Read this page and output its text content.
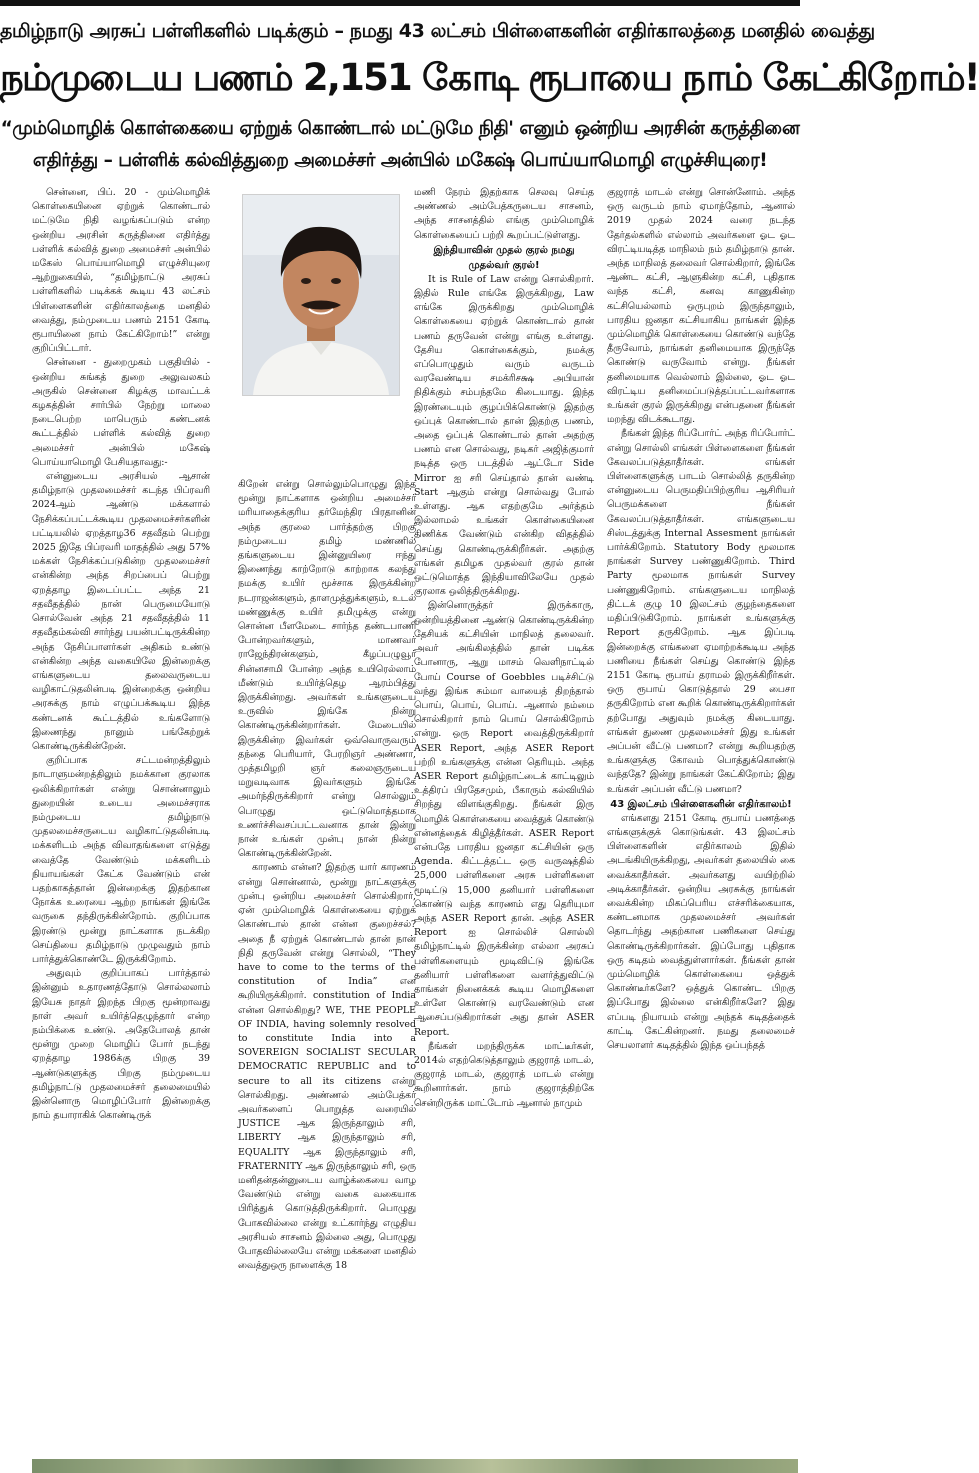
தமிழ்நாடு அரசுப் பள்ளிகளில் படிக்கும் – நமது 43 லட்சம் பிள்ளைகளின் எதிர்காலத்தை மனதில் வைத்து
நம்முடைய பணம் 2,151 கோடி ரூபாயை நாம் கேட்கிறோம்!
“மும்மொழிக் கொள்கையை ஏற்றுக் கொண்டால் மட்டுமே நிதி' எனும் ஒன்றிய அரசின் கருத்தினை
எதிர்த்து – பள்ளிக் கல்வித்துறை அமைச்சர் அன்பில் மகேஷ் பொய்யாமொழி எழுச்சியுரை!

சென்னை, பிப். 20 - மும்மொழிக் கொள்கையினை ஏற்றுக் கொண்டால் மட்டுமே நிதி வழங்கப்படும் என்ற ஒன்றிய அரசின் கருத்தினை எதிர்த்து பள்ளிக் கல்வித் துறை அமைச்சர் அன்பில் மகேஸ் பொய்யாமொழி எழுச்சியுரை ஆற்றுகையில், “தமிழ்நாட்டு அரசுப் பள்ளிகளில் படிக்கக் கூடிய 43 லட்சம் பிள்ளைகளின் எதிர்காலத்தை மனதில் வைத்து, நம்முடைய பணம் 2151 கோடி ரூபாயினை நாம் கேட்கிறோம்!” என்று குறிப்பிட்டார்.

சென்னை - துறைமுகம் பகுதியில் - ஒன்றிய சுங்கத் துறை அலுவலகம் அருகில் சென்னை கிழக்கு மாவட்டக் கழகத்தின் சார்பில் நேற்று மாலை நடைபெற்ற மாபெரும் கண்டனக் கூட்டத்தில் பள்ளிக் கல்வித் துறை அமைச்சர் அன்பில் மகேஷ் பொய்யாமொழி பேசியதாவது:-

என்னுடைய அரசியல் ஆசான் தமிழ்நாடு முதலமைச்சர் கடந்த பிப்ரவரி 2024ஆம் ஆண்டு மக்களால் நேசிக்கப்பட்டக்கூடிய முதலமைச்சர்களின் பட்டியலில் ஏறத்தாழ36 சதவீதம் பெற்று 2025 இதே பிப்ரவரி மாதத்தில் அது 57% மக்கள் நேசிக்கப்படுகின்ற முதலமைச்சர் என்கின்ற அந்த சிறப்பைப் பெற்று ஏறத்தாழ இடைப்பட்ட அந்த 21 சதவீதத்தில் நான் பெருமையோடு சொல்வேன் அந்த 21 சதவீதத்தில் 11 சதவீதம்கல்வி சார்ந்து பயன்பட்டிருக்கின்ற அந்த நேசிப்பாளர்கள் அதிகம் உண்டு என்கின்ற அந்த வகையிலே இன்றைக்கு எங்களுடைய தலைவருடைய வழிகாட்டுதலின்படி இன்றைக்கு ஒன்றிய அரசுக்கு நாம் எழுப்பக்கூடிய இந்த கண்டனக் கூட்டத்தில் உங்களோடு இணைந்து நானும் பங்கேற்றுக் கொண்டிருக்கின்றேன்.

குறிப்பாக சட்டமன்றத்திலும் நாடாளுமன்றத்திலும் நமக்கான குரலாக ஒலிக்கிறார்கள் என்று சொன்னாலும் துறையின் உடைய அமைச்சராக நம்முடைய தமிழ்நாடு முதலமைச்சருடைய வழிகாட்டுதலின்படி மக்களிடம் அந்த விவாதங்களை எடுத்து வைத்தே வேண்டும் மக்களிடம் நியாயங்கள் கேட்க வேண்டும் என் பதற்காகத்தான் இன்றைக்கு இதற்கான நோக்க உரையை ஆற்ற நாங்கள் இங்கே வருகை தந்திருக்கின்றோம். குறிப்பாக இரண்டு மூன்று நாட்களாக நடக்கிற செய்தியை தமிழ்நாடு முழுவதும் நாம் பார்த்துக்கொண்டே இருக்கிறோம்.

அதுவும் குறிப்பாகப் பார்த்தால் இன்னும் உதாரணத்தோடு சொல்லலாம் இயேசு நாதர் இறந்த பிறகு மூன்றாவது நாள் அவர் உயிர்த்தெழுந்தார் என்ற நம்பிக்கை உண்டு. அதேபோலத் தான் மூன்று முறை மொழிப் போர் நடந்து ஏறத்தாழ 1986க்கு பிறகு 39 ஆண்டுகளுக்கு பிறகு நம்முடைய தமிழ்நாட்டு முதலமைச்சர் தலைமையில் இன்னொரு மொழிப்போர் இன்றைக்கு நாம் தயாராகிக் கொண்டிருக்

கிறேன் என்று சொல்லும்பொழுது இந்த மூன்று நாட்களாக ஒன்றிய அமைச்சர் மரியாதைக்குரிய தர்மேந்திர பிரதானின் அந்த குரலை பார்த்தற்கு பிறகு நம்முடைய தமிழ் மண்ணில் தங்களுடைய இன்னுயிரை ஈந்து இணைந்து காற்றோடு காற்றாக கலந்து நமக்கு உயிர் மூச்சாக இருக்கின்ற நடராஜன்களும், தாளமுத்துக்களும், உடல் மண்ணுக்கு உயிர் தமிழுக்கு என்று சொன்ன பீளமேடை சார்ந்த தண்டபாணி போன்றவர்களும், மாணவர் ராஜேந்திரன்களும், கீழப்பழுவூர் சின்னசாமி போன்ற அந்த உயிரெல்லாம் மீண்டும் உயிர்த்தெழ ஆரம்பித்து இருக்கின்றது. அவர்கள் உங்களுடைய உருவில் இங்கே நின்று கொண்டிருக்கின்றார்கள். மேடையில் இருக்கின்ற இவர்கள் ஒவ்வொருவரும் தந்தை பெரியார், பேரறிஞர் அண்ணா, முத்தமிழறி ஞர் கலைஞருடைய மறுவடிவாக இவர்களும் இங்கே அமர்ந்திருக்கிறார் என்று சொல்லும் பொழுது ஒட்டுமொத்தமாக உணர்ச்சிவசப்பட்டவனாக தான் இன்று நான் உங்கள் முன்பு நான் நின்று கொண்டிருக்கின்றேன்.

காரணம் என்ன? இதற்கு யார் காரணம் என்று சொன்னால், மூன்று நாட்களுக்கு முன்பு ஒன்றிய அமைச்சர் சொல்கிறார், ஏன் மும்மொழிக் கொள்கையை ஏற்றுக் கொண்டால் தான் என்ன குறைச்சல்? அதை நீ ஏற்றுக் கொண்டால் தான் நான் நிதி தருவேன் என்று சொல்லி, “They have to come to the terms of the constitution of India” என கூறியிருக்கிறார். constitution of India என்ன சொல்கிறது? WE, THE PEOPLE OF INDIA, having solemnly resolved to constitute India into a SOVEREIGN SOCIALIST SECULAR DEMOCRATIC REPUBLIC and to secure to all its citizens என்று சொல்கிறது. அண்ணல் அம்பேத்கர் அவர்களைப் பொறுத்த வரையில் JUSTICE ஆக இருந்தாலும் சரி, LIBERTY ஆக இருந்தாலும் சரி, EQUALITY ஆக இருந்தாலும் சரி, FRATERNITY ஆக இருந்தாலும் சரி, ஒரு மனிதன்தன்னுடைய வாழ்க்கையை வாழ வேண்டும் என்று வகை வகையாக பிரித்துக் கொடுத்திருக்கிறார். பொழுது போகவில்லை என்று உட்கார்ந்து எழுதிய அரசியல் சாசனம் இல்லை அது, பொழுது போதவில்லையே என்று மக்களை மனதில் வைத்துஒரு நாளைக்கு 18

மணி நேரம் இதற்காக செலவு செய்த அண்ணல் அம்பேத்கருடைய சாசனம், அந்த சாசனத்தில் எங்கு மும்மொழிக் கொள்கையைப் பற்றி கூறப்பட்டுள்ளது.

இந்தியாவின் முதல் குரல் நமது முதல்வர் குரல்!

It is Rule of Law என்று சொல்கிறார். இதில் Rule எங்கே இருக்கிறது, Law எங்கே இருக்கிறது மும்மொழிக் கொள்கையை ஏற்றுக் கொண்டால் தான் பணம் தருவேன் என்று எங்கு உள்ளது. தேசிய கொள்கைக்கும், நமக்கு எப்பொழுதும் வரும் வருடம் வரவேண்டிய சமக்ரிசக்ஷ அபியான் நிதிக்கும் சம்பந்தமே கிடையாது. இந்த இரண்டையும் குழப்பிக்கொண்டு இதற்கு ஒப்புக் கொண்டால் தான் இதற்கு பணம், அதை ஒப்புக் கொண்டால் தான் அதற்கு பணம் என சொல்வது, நடிகர் அஜித்குமார் நடித்த ஒரு படத்தில் ஆட்டோ Side Mirror ஐ சரி செய்தால் தான் வண்டி Start ஆகும் என்று சொல்வது போல் உள்ளது. ஆக எதற்குமே அர்த்தம் இல்லாமல் உங்கள் கொள்கையினை திணிக்க வேண்டும் என்கிற விதத்தில் செய்து கொண்டிருக்கிறீர்கள். அதற்கு எங்கள் தமிழக முதல்வர் குரல் தான் ஒட்டுமொத்த இந்தியாவிலேயே முதல் குரலாக ஒலித்திருக்கிறது.

இன்னொருத்தர் இருக்காரு, ஒன்றியத்தினை ஆண்டு கொண்டிருக்கின்ற தேசியக் கட்சியின் மாநிலத் தலைவர். அவர் அங்கிலத்தில் தான் படிக்க போனாரு, ஆறு மாசம் வெளிநாட்டில் போய் Course of Goebbles படிச்சிட்டு வந்து இங்க சும்மா வாயைத் திறந்தால் பொய், பொய், பொய். ஆனால் நம்மை சொல்கிறார் நாம் பொய் சொல்கிறோம் என்று. ஒரு Report வைத்திருக்கிறார் ASER Report, அந்த ASER Report பற்றி உங்களுக்கு என்ன தெரியும். அந்த ASER Report தமிழ்நாட்டைக் காட்டிலும் உத்திரப் பிரதேசமும், பீகாரும் கல்வியில் சிறந்து விளங்குகிறது. நீங்கள் இரு மொழிக் கொள்கையை வைத்துக் கொண்டு என்னத்தைக் கிழித்தீர்கள். ASER Report என்பதே பாரதிய ஜனதா கட்சியின் ஒரு Agenda. கிட்டத்தட்ட ஒரு வருஷத்தில் 25,000 பள்ளிகளை அரசு பள்ளிகளை மூடிட்டு 15,000 தனியார் பள்ளிகளை கொண்டு வந்த காரணம் எது தெரியுமா அந்த ASER Report தான். அந்த ASER Report ஐ சொல்லிச் சொல்லி தமிழ்நாட்டில் இருக்கின்ற எல்லா அரசுப் பள்ளிகளையும் மூடிவிட்டு இங்கே தனியார் பள்ளிகளை வளர்த்துவிட்டு தாங்கள் நினைக்கக் கூடிய மொழிகளை உள்ளே கொண்டு வரவேண்டும் என ஆசைப்படுகிறார்கள் அது தான் ASER Report.

நீங்கள் மறந்திருக்க மாட்டீர்கள், 2014ல் எதற்கெடுத்தாலும் குஜராத் மாடல், குஜராத் மாடல், குஜராத் மாடல் என்று கூறினார்கள். நாம் குஜராத்திற்கே சென்றிருக்க மாட்டோம் ஆனால் நாமும்

குஜராத் மாடல் என்று சொன்னோம். அந்த ஒரு வருடம் நாம் ஏமாந்தோம், ஆனால் 2019 முதல் 2024 வரை நடந்த தேர்தல்களில் எல்லாம் அவர்களை ஓட ஓட விரட்டியடித்த மாநிலம் நம் தமிழ்நாடு தான். அந்த மாநிலத் தலைவர் சொல்கிறார், இங்கே ஆண்ட கட்சி, ஆளுகின்ற கட்சி, புதிதாக வந்த கட்சி, கனவு காணுகின்ற கட்சியெல்லாம் ஒருபுறம் இருந்தாலும், பாரதிய ஜனதா கட்சியாகிய நாங்கள் இந்த மும்மொழிக் கொள்கையை கொண்டு வந்தே தீருவோம், நாங்கள் தனிமையாக இருந்தே கொண்டு வருவோம் என்று. நீங்கள் தனிமையாக வெல்லாம் இல்லை, ஓட ஓட விரட்டிய தனிமைப்படுத்தப்பட்டவர்களாக உங்கள் குரல் இருக்கிறது என்பதனை நீங்கள் மறந்து விடக்கூடாது.

நீங்கள் இந்த ரிப்போர்ட் அந்த ரிப்போர்ட் என்று சொல்லி எங்கள் பிள்ளைகளை நீங்கள் கேவலப்படுத்தாதீர்கள். எங்கள் பிள்ளைகளுக்கு பாடம் சொல்லித் தருகின்ற என்னுடைய பெருமதிப்பிற்குரிய ஆசிரியர் பெருமக்களை நீங்கள் கேவலப்படுத்தாதீர்கள். எங்களுடைய சிஸ்டத்துக்கு Internal Assesment நாங்கள் பார்க்கிறோம். Statutory Body மூலமாக நாங்கள் Survey பண்ணுகிறோம். Third Party மூலமாக நாங்கள் Survey பண்ணுகிறோம். எங்களுடைய மாநிலத் திட்டக் குழு 10 இலட்சம் குழந்தைகளை மதிப்பிடுகிறோம். நாங்கள் உங்களுக்கு Report தருகிறோம். ஆக இப்படி இன்றைக்கு எங்களை ஏமாற்றக்கூடிய அந்த பணியை நீங்கள் செய்து கொண்டு இந்த 2151 கோடி ரூபாய் தராமல் இருக்கிறீர்கள். ஒரு ரூபாய் கொடுத்தால் 29 பைசா தருகிறோம் என கூறிக் கொண்டிருக்கிறார்கள் தற்போது அதுவும் நமக்கு கிடையாது. எங்கள் துணை முதலமைச்சர் இது உங்கள் அப்பன் வீட்டு பணமா? என்று கூறியதற்கு உங்களுக்கு கோவம் பொத்துக்கொண்டு வந்ததே? இன்று நாங்கள் கேட்கிறோம்; இது உங்கள் அப்பன் வீட்டு பணமா?

43 இலட்சம் பிள்ளைகளின் எதிர்காலம்!

எங்களது 2151 கோடி ரூபாய் பணத்தை எங்களுக்குக் கொடுங்கள். 43 இலட்சம் பிள்ளைகளின் எதிர்காலம் இதில் அடங்கியிருக்கிறது, அவர்கள் தலையில் கை வைக்காதீர்கள். அவர்களது வயிற்றில் அடிக்காதீர்கள். ஒன்றிய அரசுக்கு நாங்கள் வைக்கின்ற மிகப்பெரிய எச்சரிக்கையாக, கண்டனமாக முதலமைச்சர் அவர்கள் தொடர்ந்து அதற்கான பணிகளை செய்து கொண்டிருக்கிறார்கள். இப்போது புதிதாக ஒரு கடிதம் வைத்துள்ளார்கள். நீங்கள் தான் மும்மொழிக் கொள்கையை ஒத்துக் கொண்டீர்களே? ஒத்துக் கொண்ட பிறகு இப்போது இல்லை என்கிறீர்களே? இது எப்படி நியாயம் என்று அந்தக் கடிதத்தைக் காட்டி கேட்கின்றனர். நமது தலைமைச் செயலாளர் கடிதத்தில் இந்த ஒப்பந்தத்
